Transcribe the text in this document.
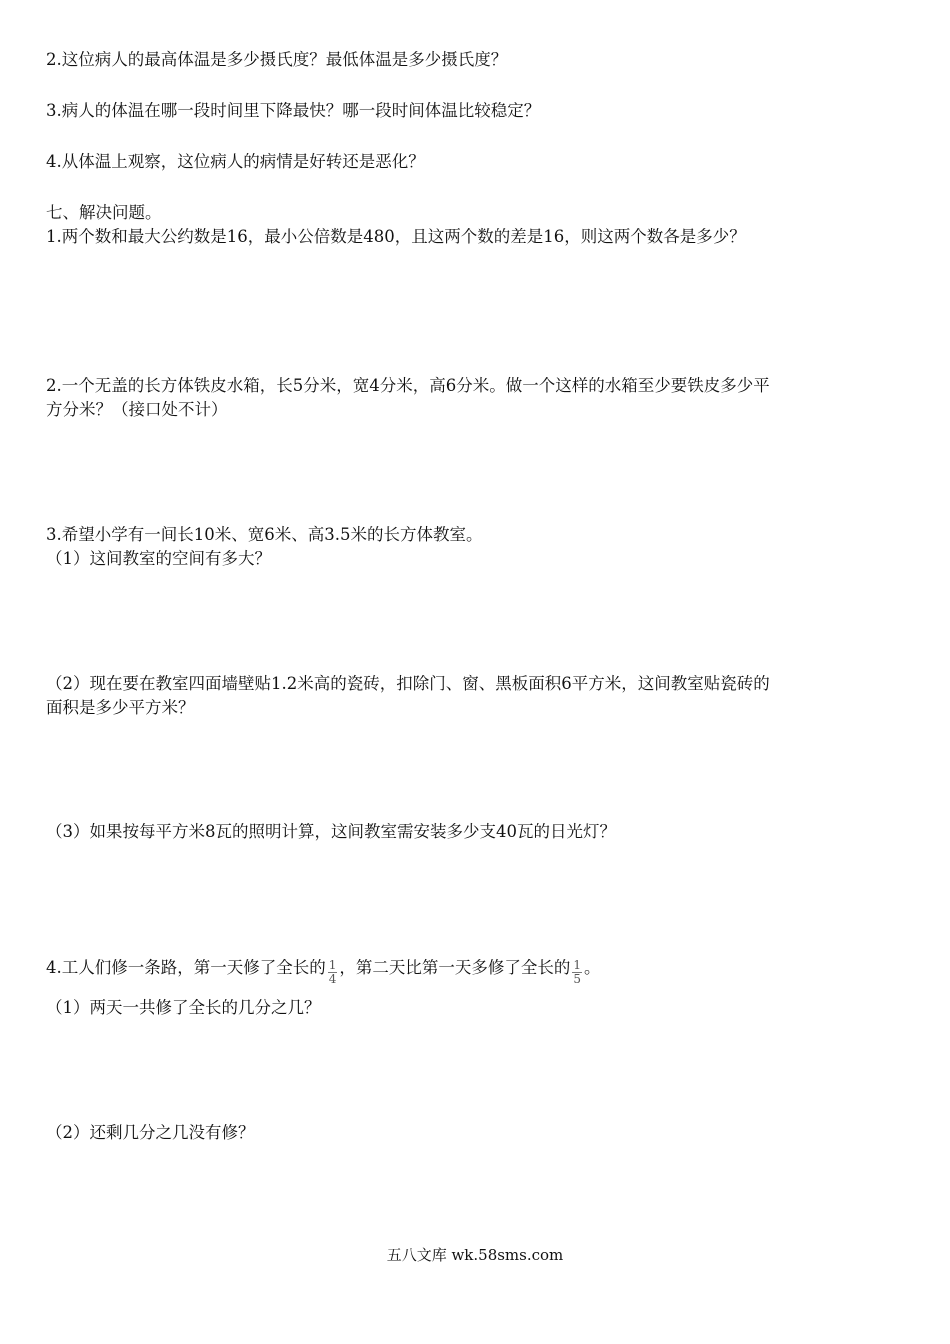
2.这位病人的最高体温是多少摄氏度？最低体温是多少摄氏度？
3.病人的体温在哪一段时间里下降最快？哪一段时间体温比较稳定？
4.从体温上观察，这位病人的病情是好转还是恶化？
七、解决问题。
1.两个数和最大公约数是16，最小公倍数是480，且这两个数的差是16，则这两个数各是多少？
2.一个无盖的长方体铁皮水箱，长5分米，宽4分米，高6分米。做一个这样的水箱至少要铁皮多少平
方分米？（接口处不计）
3.希望小学有一间长10米、宽6米、高3.5米的长方体教室。
（1）这间教室的空间有多大？
（2）现在要在教室四面墙壁贴1.2米高的瓷砖，扣除门、窗、黑板面积6平方米，这间教室贴瓷砖的
面积是多少平方米？
（3）如果按每平方米8瓦的照明计算，这间教室需安装多少支40瓦的日光灯？
4.工人们修一条路，第一天修了全长的 $\frac{1}{4}$ ，第二天比第一天多修了全长的 $\frac{1}{5}$ 。
（1）两天一共修了全长的几分之几？
（2）还剩几分之几没有修？
五八文库 wk.58sms.com
